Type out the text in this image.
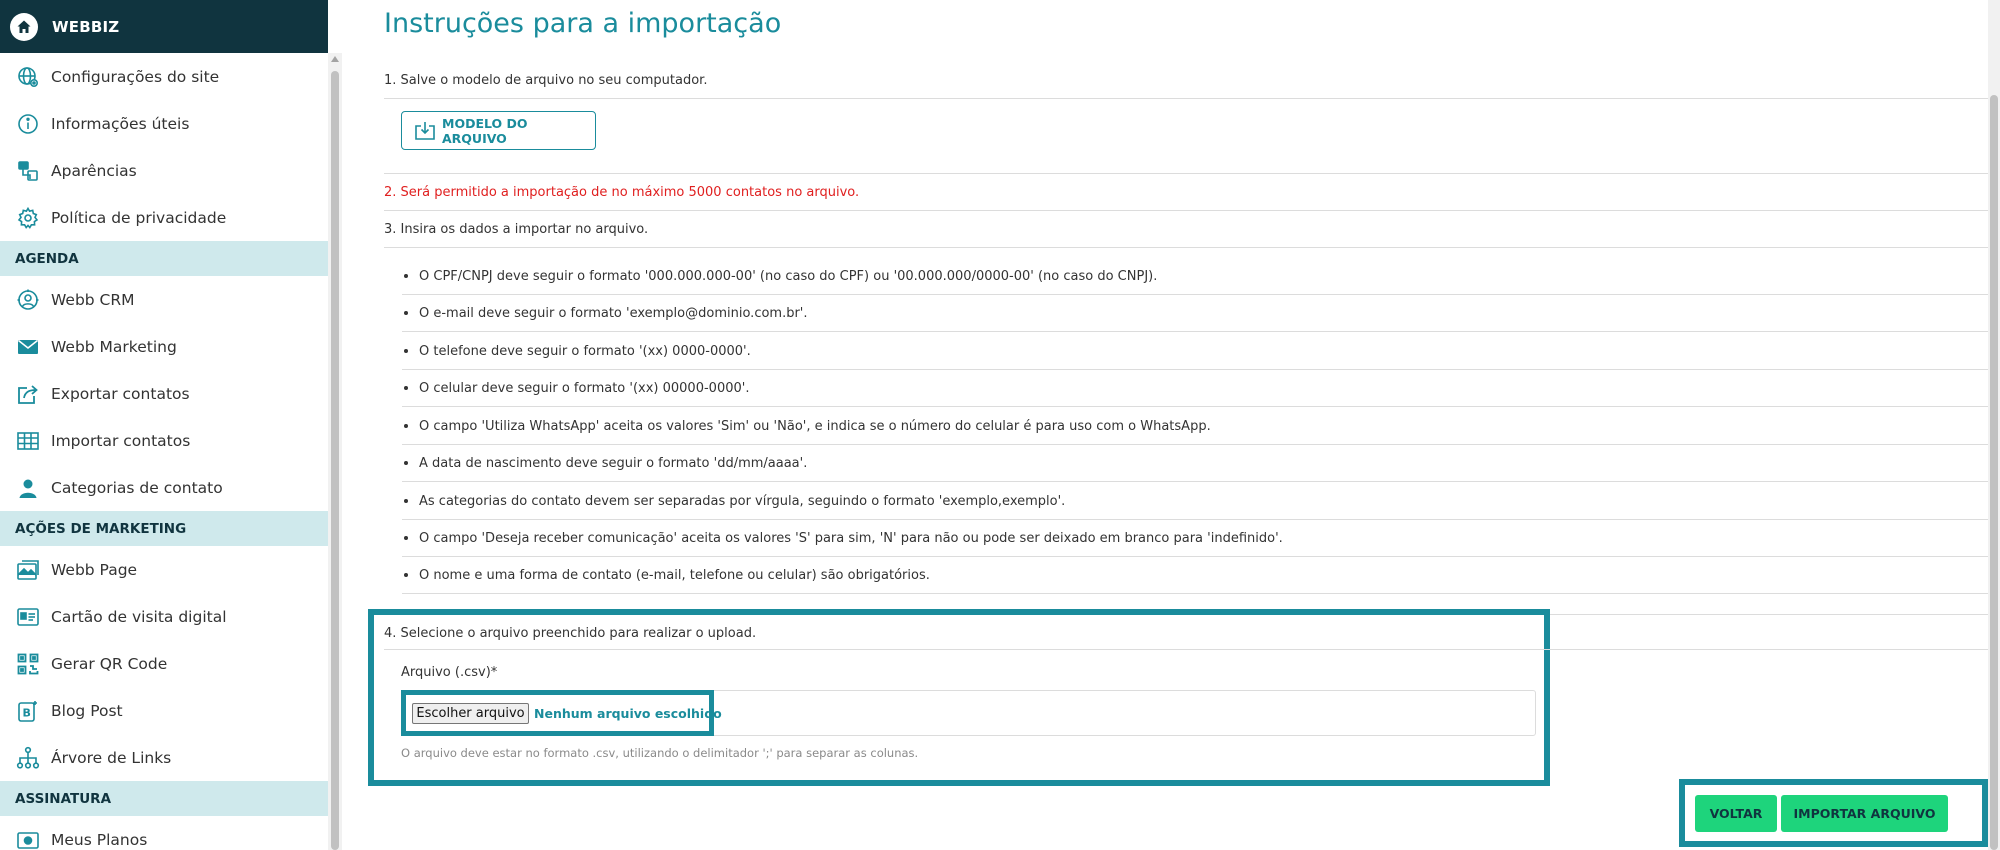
WEBBIZ
Configurações do site
Informações úteis
Aparências
Política de privacidade
AGENDA
Webb CRM
Webb Marketing
Exportar contatos
Importar contatos
Categorias de contato
AÇÕES DE MARKETING
Webb Page
Cartão de visita digital
Gerar QR Code
B Blog Post
Árvore de Links
ASSINATURA
Meus Planos
Instruções para a importação
1. Salve o modelo de arquivo no seu computador.
MODELO DO ARQUIVO
2. Será permitido a importação de no máximo 5000 contatos no arquivo.
3. Insira os dados a importar no arquivo.
O CPF/CNPJ deve seguir o formato '000.000.000-00' (no caso do CPF) ou '00.000.000/0000-00' (no caso do CNPJ).
O e-mail deve seguir o formato 'exemplo@dominio.com.br'.
O telefone deve seguir o formato '(xx) 0000-0000'.
O celular deve seguir o formato '(xx) 00000-0000'.
O campo 'Utiliza WhatsApp' aceita os valores 'Sim' ou 'Não', e indica se o número do celular é para uso com o WhatsApp.
A data de nascimento deve seguir o formato 'dd/mm/aaaa'.
As categorias do contato devem ser separadas por vírgula, seguindo o formato 'exemplo,exemplo'.
O campo 'Deseja receber comunicação' aceita os valores 'S' para sim, 'N' para não ou pode ser deixado em branco para 'indefinido'.
O nome e uma forma de contato (e-mail, telefone ou celular) são obrigatórios.
4. Selecione o arquivo preenchido para realizar o upload.
Arquivo (.csv)*
Escolher arquivo Nenhum arquivo escolhido
O arquivo deve estar no formato .csv, utilizando o delimitador ';' para separar as colunas.
VOLTAR	IMPORTAR ARQUIVO
